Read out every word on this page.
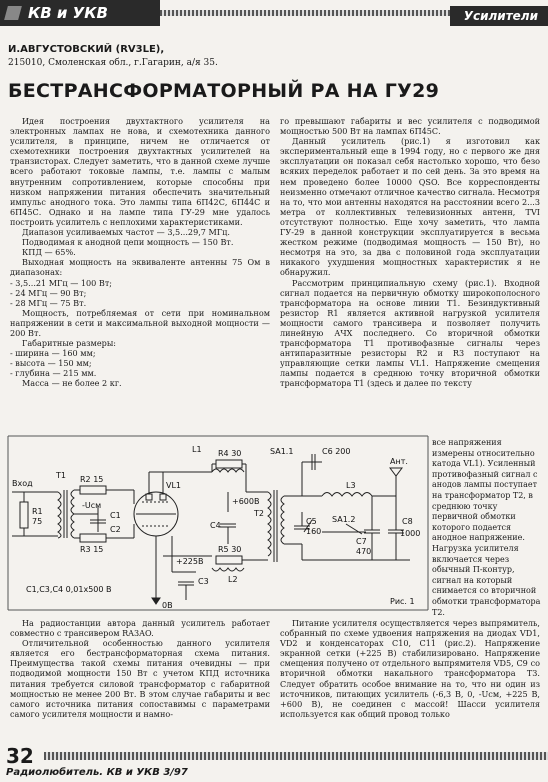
КВ и УКВ	Усилители
И.АВГУСТОВСКИЙ (RV3LE),
215010, Смоленская обл., г.Гагарин, а/я 35.
БЕСТРАНСФОРМАТОРНЫЙ РА НА ГУ29

Идея построения двухтактного усилителя на электронных лампах не нова, и схемотехника данного усилителя, в принципе, ничем не отличается от схемотехники построения двухтактных усилителей на транзисторах. Следует заметить, что в данной схеме лучше всего работают токовые лампы, т.е. лампы с малым внутренним сопротивлением, которые способны при низком напряжении питания обеспечить значительный импульс анодного тока. Это лампы типа 6П42С, 6П44С и 6П45С. Однако и на лампе типа ГУ-29 мне удалось построить усилитель с неплохими характеристиками.

Диапазон усиливаемых частот — 3,5...29,7 МГц.

Подводимая к анодной цепи мощность — 150 Вт.

КПД — 65%.

Выходная мощность на эквиваленте антенны 75 Ом в диапазонах:

- 3,5...21 МГц — 100 Вт;

- 24 МГц — 90 Вт;

- 28 МГц — 75 Вт.

Мощность, потребляемая от сети при номинальном напряжении в сети и максимальной выходной мощности — 200 Вт.

Габаритные размеры:

- ширина — 160 мм;

- высота — 150 мм;

- глубина — 215 мм.

Масса — не более 2 кг.

го превышают габариты и вес усилителя с подводимой мощностью 500 Вт на лампах 6П45С.

Данный усилитель (рис.1) я изготовил как экспериментальный еще в 1994 году, но с первого же дня эксплуатации он показал себя настолько хорошо, что безо всяких переделок работает и по сей день. За это время на нем проведено более 10000 QSO. Все корреспонденты неизменно отмечают отличное качество сигнала. Несмотря на то, что мои антенны находятся на расстоянии всего 2...3 метра от коллективных телевизионных антенн, TVI отсутствуют полностью. Еще хочу заметить, что лампа ГУ-29 в данной конструкции эксплуатируется в весьма жестком режиме (подводимая мощность — 150 Вт), но несмотря на это, за два с половиной года эксплуатации никакого ухудшения мощностных характеристик я не обнаружил.

Рассмотрим принципиальную схему (рис.1). Входной сигнал подается на первичную обмотку широкополосного трансформатора на основе линии Т1. Безиндуктивный резистор R1 является активной нагрузкой усилителя мощности самого трансивера и позволяет получить линейную АЧХ последнего. Со вторичной обмотки трансформатора Т1 противофазные сигналы через антипаразитные резисторы R2 и R3 поступают на управляющие сетки лампы VL1. Напряжение смещения лампы подается в среднюю точку вторичной обмотки трансформатора Т1 (здесь и далее по тексту

все напряжения измерены относительно катода VL1). Усиленный противофазный сигнал с анодов лампы поступает на трансформатор Т2, в среднюю точку первичной обмотки которого подается анодное напряжение. Нагрузка усилителя включается через обычный П-контур, сигнал на который снимается со вторичной обмотки трансформатора Т2.
Вход
R1
75
T1 R2 15
R3 15
-Uсм
C1
C2
VL1
L1 R4 30
+600В
C4
+225В
C3
R5 30
L2
0В
T2
SA1.1	C6 200
L3
C5
160
SA1.2
C7
470
C8
1000
Ант.
C1,C3,C4 0,01x500 В
Рис. 1

На радиостанции автора данный усилитель работает совместно с трансивером RA3AO.

Отличительной особенностью данного усилителя является его бестрансформаторная схема питания. Преимущества такой схемы питания очевидны — при подводимой мощности 150 Вт с учетом КПД источника питания требуется силовой трансформатор с габаритной мощностью не менее 200 Вт. В этом случае габариты и вес самого источника питания сопоставимы с параметрами самого усилителя мощности и намно-

Питание усилителя осуществляется через выпрямитель, собранный по схеме удвоения напряжения на диодах VD1, VD2 и конденсаторах С10, С11 (рис.2). Напряжение экранной сетки (+225 В) стабилизировано. Напряжение смещения получено от отдельного выпрямителя VD5, С9 со вторичной обмотки накального трансформатора Т3. Следует обратить особое внимание на то, что ни один из источников, питающих усилитель (-6,3 В, 0, -Uсм, +225 В, +600 В), не соединен с массой! Шасси усилителя используется как общий провод только

32
Радиолюбитель. КВ и УКВ 3/97
